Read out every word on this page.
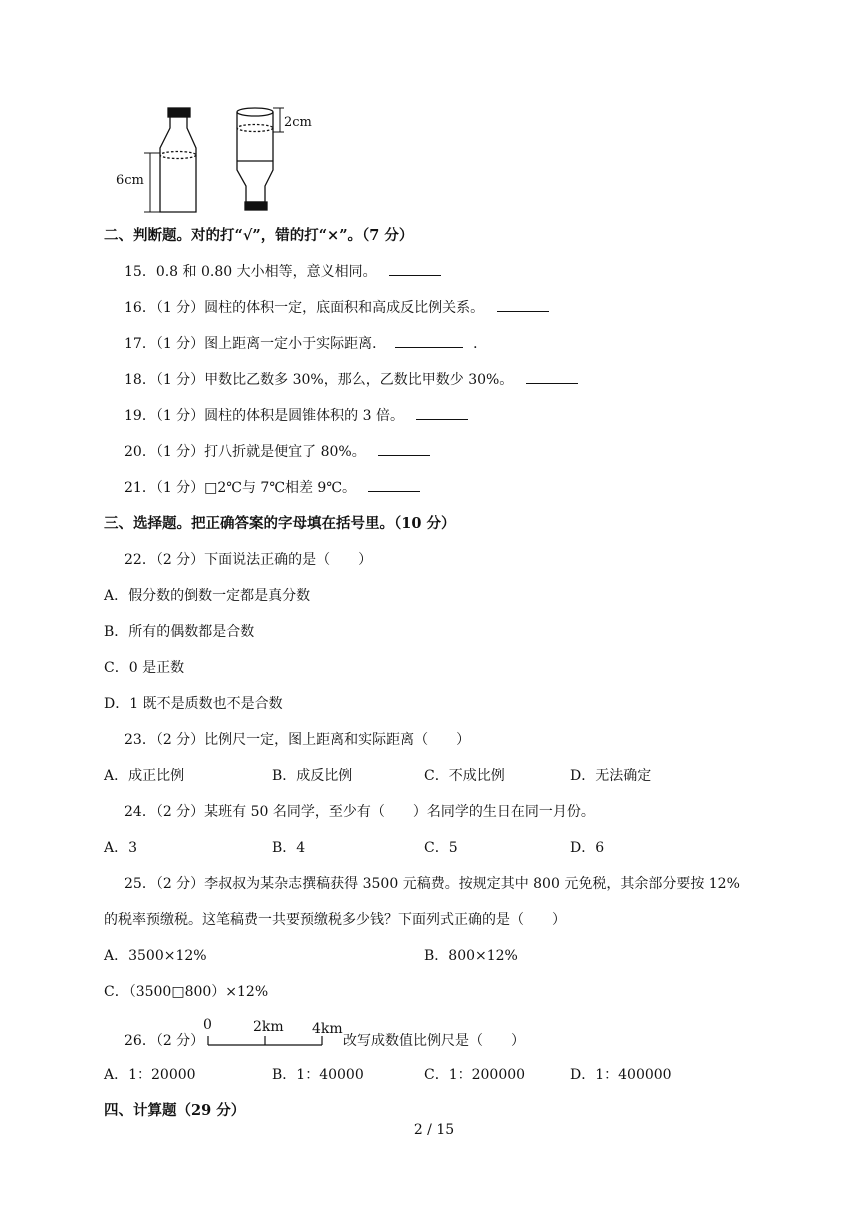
6cm
2cm
二、判断题。对的打“√”，错的打“×”。（7 分）
15．0.8 和 0.80 大小相等，意义相同。
16．（1 分）圆柱的体积一定，底面积和高成反比例关系。
17．（1 分）图上距离一定小于实际距离．	．
18．（1 分）甲数比乙数多 30%，那么，乙数比甲数少 30%。
19．（1 分）圆柱的体积是圆锥体积的 3 倍。
20．（1 分）打八折就是便宜了 80%。
21．（1 分）□2℃与 7℃相差 9℃。
三、选择题。把正确答案的字母填在括号里。（10 分）
22．（2 分）下面说法正确的是（　　）
A．假分数的倒数一定都是真分数
B．所有的偶数都是合数
C．0 是正数
D．1 既不是质数也不是合数
23．（2 分）比例尺一定，图上距离和实际距离（　　）
A．成正比例	B．成反比例	C．不成比例	D．无法确定
24．（2 分）某班有 50 名同学，至少有（　　）名同学的生日在同一月份。
A．3	B．4	C．5	D．6
25．（2 分）李叔叔为某杂志撰稿获得 3500 元稿费。按规定其中 800 元免税，其余部分要按 12%
的税率预缴税。这笔稿费一共要预缴税多少钱？下面列式正确的是（　　）
A．3500×12%	B．800×12%
C．（3500□800）×12%
26．（2 分）
0	2km 4km
改写成数值比例尺是（　　）
A．1：20000	B．1：40000	C．1：200000	D．1：400000
四、计算题（29 分）
2 / 15
